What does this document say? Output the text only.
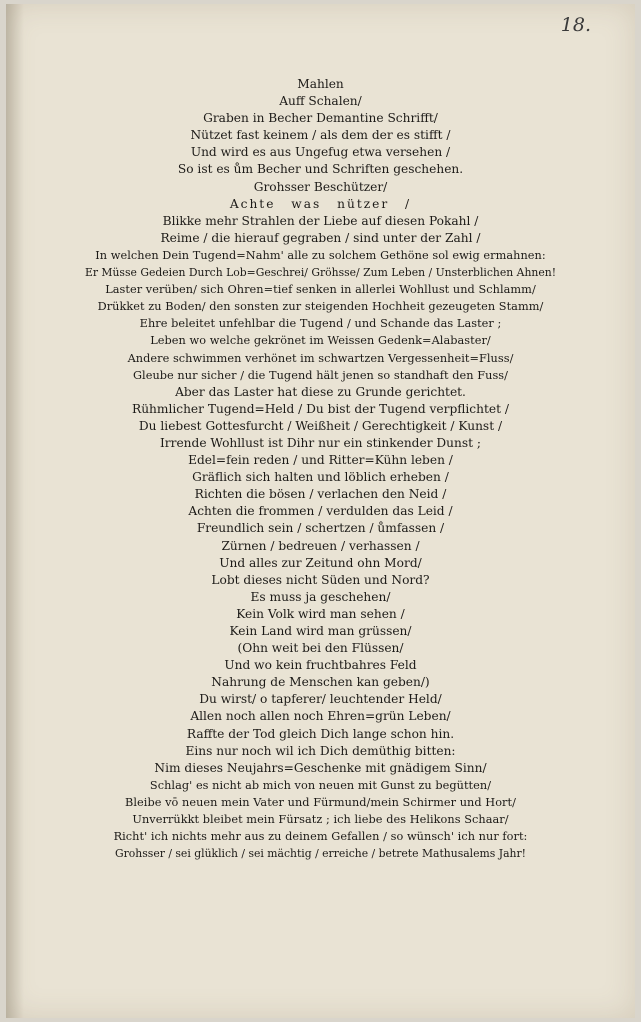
18.
Mahlen
Auff Schalen/
Graben in Becher Demantine Schrifft/
Nützet fast keinem / als dem der es stifft /
Und wird es aus Ungefug etwa versehen /
So ist es ům Becher und Schriften geschehen.
Grohsser Beschützer/
Achte was nützer /
Blikke mehr Strahlen der Liebe auf diesen Pokahl /
Reime / die hierauf gegraben / sind unter der Zahl /
In welchen Dein Tugend=Nahm' alle zu solchem Gethöne sol ewig ermahnen:
Er Müsse Gedeien Durch Lob=Geschrei/ Gröhsse/ Zum Leben / Unsterblichen Ahnen!
Laster verüben/ sich Ohren=tief senken in allerlei Wohllust und Schlamm/
Drükket zu Boden/ den sonsten zur steigenden Hochheit gezeugeten Stamm/
Ehre beleitet unfehlbar die Tugend / und Schande das Laster ;
Leben wo welche gekrönet im Weissen Gedenk=Alabaster/
Andere schwimmen verhönet im schwartzen Vergessenheit=Fluss/
Gleube nur sicher / die Tugend hält jenen so standhaft den Fuss/
Aber das Laster hat diese zu Grunde gerichtet.
Rühmlicher Tugend=Held / Du bist der Tugend verpflichtet /
Du liebest Gottesfurcht / Weißheit / Gerechtigkeit / Kunst /
Irrende Wohllust ist Dihr nur ein stinkender Dunst ;
Edel=fein reden / und Ritter=Kühn leben /
Gräflich sich halten und löblich erheben /
Richten die bösen / verlachen den Neid /
Achten die frommen / verdulden das Leid /
Freundlich sein / schertzen / ůmfassen /
Zürnen / bedreuen / verhassen /
Und alles zur Zeitund ohn Mord/
Lobt dieses nicht Süden und Nord?
Es muss ja geschehen/
Kein Volk wird man sehen /
Kein Land wird man grüssen/
(Ohn weit bei den Flüssen/
Und wo kein fruchtbahres Feld
Nahrung de Menschen kan geben/)
Du wirst/ o tapferer/ leuchtender Held/
Allen noch allen noch Ehren=grün Leben/
Raffte der Tod gleich Dich lange schon hin.
Eins nur noch wil ich Dich demüthig bitten:
Nim dieses Neujahrs=Geschenke mit gnädigem Sinn/
Schlag' es nicht ab mich von neuen mit Gunst zu begütten/
Bleibe vō neuen mein Vater und Fürmund/mein Schirmer und Hort/
Unverrükkt bleibet mein Fürsatz ; ich liebe des Helikons Schaar/
Richt' ich nichts mehr aus zu deinem Gefallen / so wünsch' ich nur fort:
Grohsser / sei glüklich / sei mächtig / erreiche / betrete Mathusalems Jahr!
